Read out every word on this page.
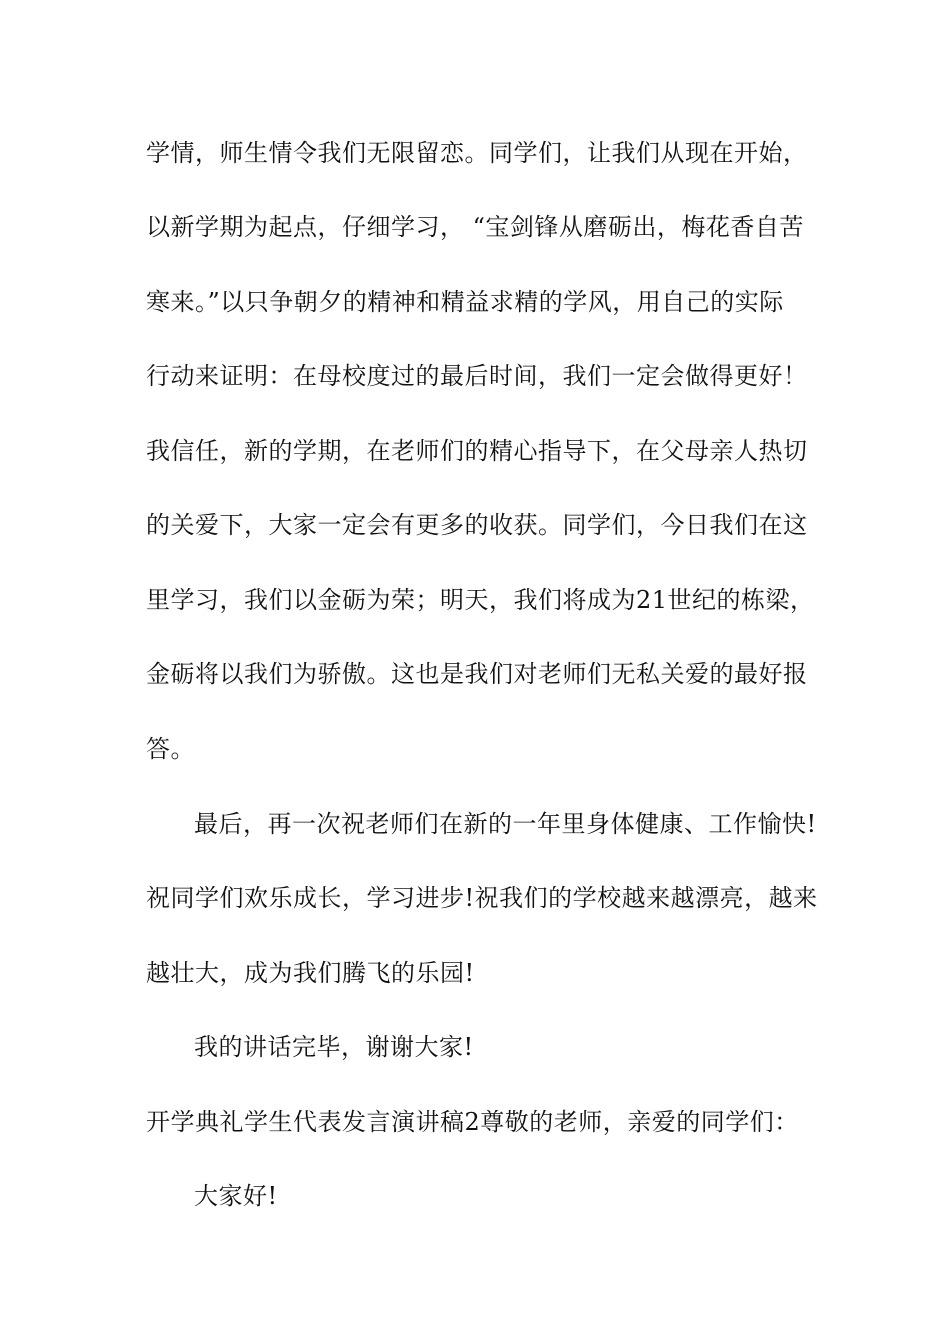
学情，师生情令我们无限留恋。同学们，让我们从现在开始，
以新学期为起点，仔细学习， “宝剑锋从磨砺出，梅花香自苦
寒来。”以只争朝夕的精神和精益求精的学风，用自己的实际
行动来证明：在母校度过的最后时间，我们一定会做得更好！
我信任，新的学期，在老师们的精心指导下，在父母亲人热切
的关爱下，大家一定会有更多的收获。同学们，今日我们在这
里学习，我们以金砺为荣；明天，我们将成为21世纪的栋梁，
金砺将以我们为骄傲。这也是我们对老师们无私关爱的最好报
答。
最后，再一次祝老师们在新的一年里身体健康、工作愉快!
祝同学们欢乐成长，学习进步!祝我们的学校越来越漂亮，越来
越壮大，成为我们腾飞的乐园!
我的讲话完毕，谢谢大家!
开学典礼学生代表发言演讲稿2尊敬的老师，亲爱的同学们：
大家好!
